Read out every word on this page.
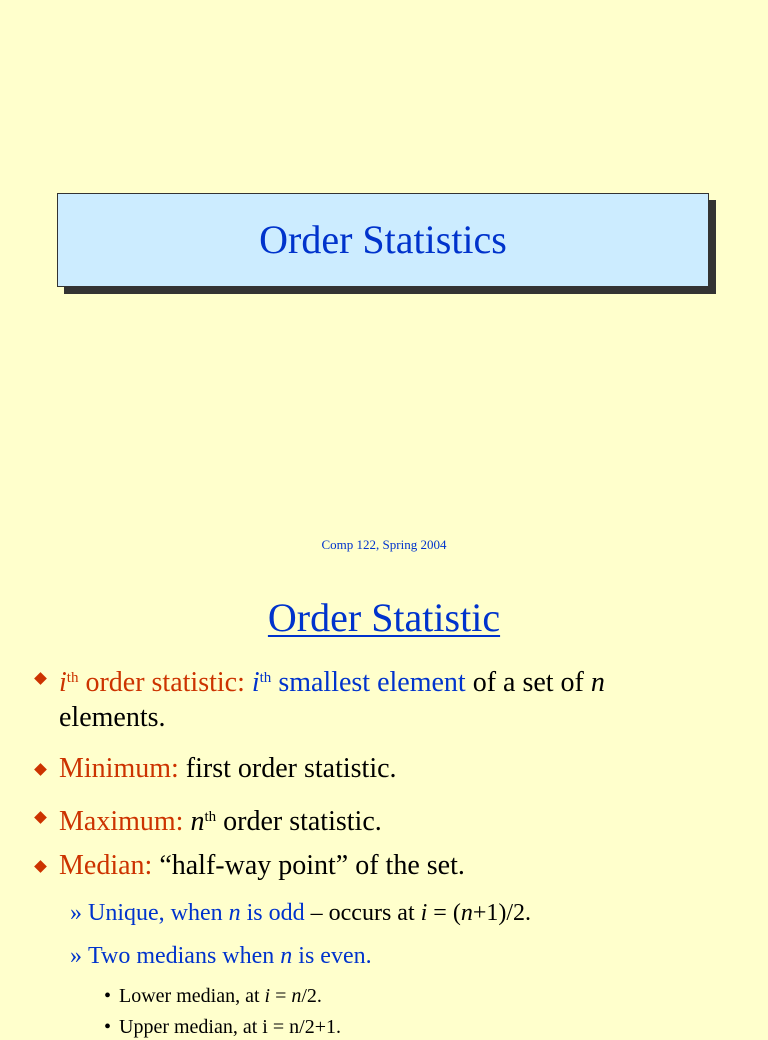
Order Statistics
Comp 122, Spring 2004
Order Statistic
$i^{th}$ order statistic: $i^{th}$ smallest element of a set of n
elements.
Minimum: first order statistic.
Maximum: $n^{th}$ order statistic.
Median: “half-way point” of the set.
» Unique, when n is odd – occurs at i = (n+1)/2.
» Two medians when n is even.
• Lower median, at i = n/2.
• Upper median, at i = n/2+1.
